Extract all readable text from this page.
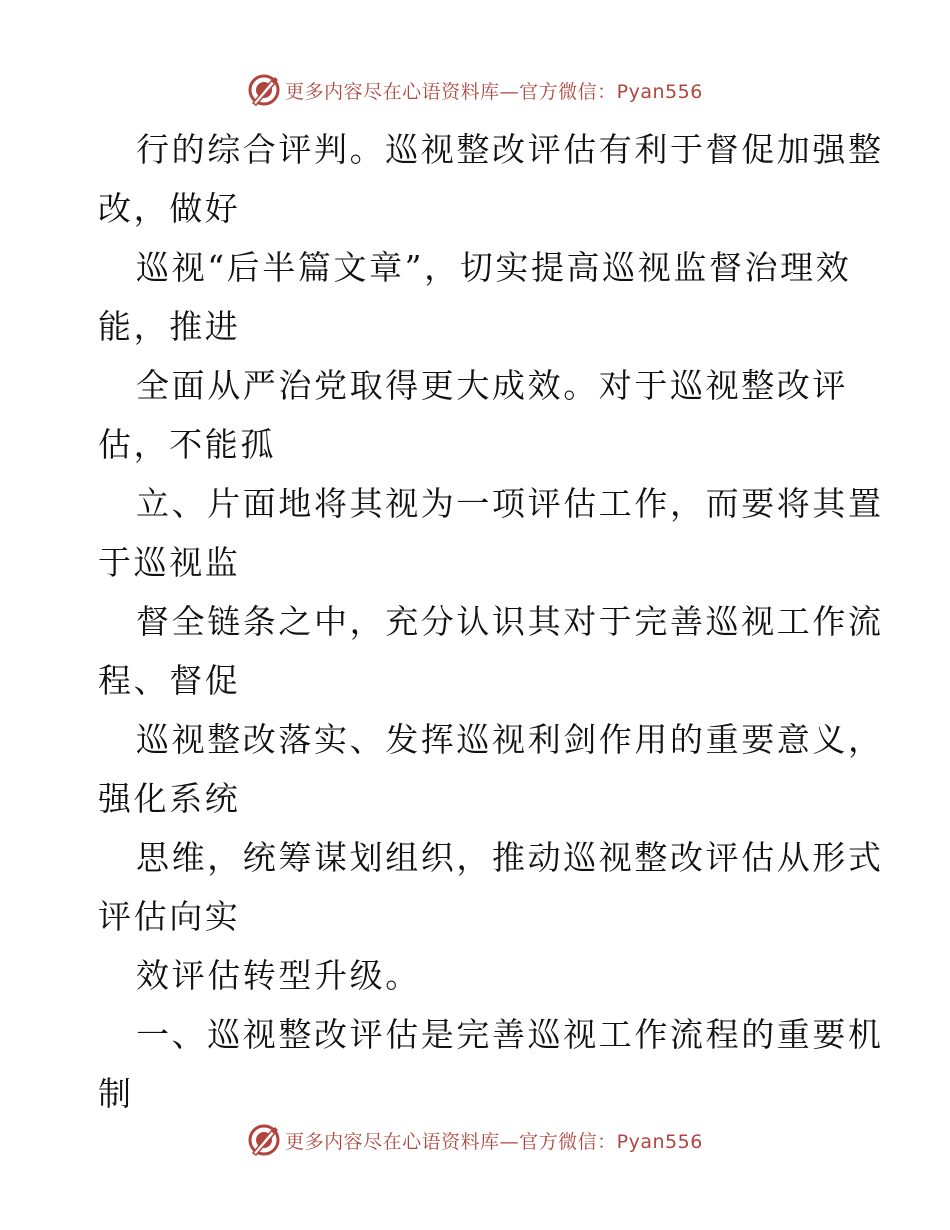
更多内容尽在心语资料库—官方微信：Pyan556
行的综合评判。巡视整改评估有利于督促加强整
改，做好
巡视“后半篇文章”，切实提高巡视监督治理效
能，推进
全面从严治党取得更大成效。对于巡视整改评
估，不能孤
立、片面地将其视为一项评估工作，而要将其置
于巡视监
督全链条之中，充分认识其对于完善巡视工作流
程、督促
巡视整改落实、发挥巡视利剑作用的重要意义，
强化系统
思维，统筹谋划组织，推动巡视整改评估从形式
评估向实
效评估转型升级。
一、巡视整改评估是完善巡视工作流程的重要机
制
更多内容尽在心语资料库—官方微信：Pyan556
